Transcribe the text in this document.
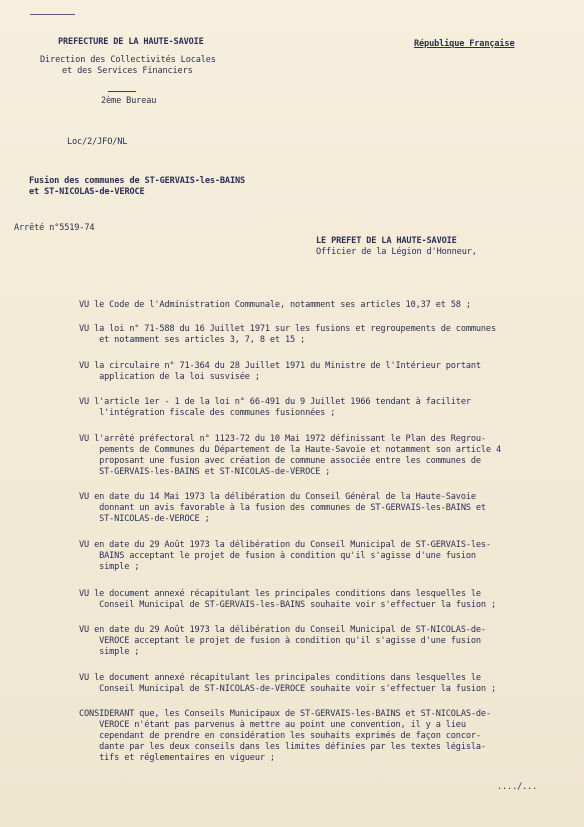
PREFECTURE DE LA HAUTE-SAVOIE	République Française
Direction des Collectivités Locales
et des Services Financiers
2ème Bureau
Loc/2/JFO/NL
Fusion des communes de ST-GERVAIS-les-BAINS
et ST-NICOLAS-de-VEROCE
Arrêté n°5519-74
LE PREFET DE LA HAUTE-SAVOIE
Officier de la Légion d'Honneur,
VU le Code de l'Administration Communale, notamment ses articles 10,37 et 58 ;
VU la loi n° 71-588 du 16 Juillet 1971 sur les fusions et regroupements de communes
et notamment ses articles 3, 7, 8 et 15 ;
VU la circulaire n° 71-364 du 28 Juillet 1971 du Ministre de l'Intérieur portant
application de la loi susvisée ;
VU l'article 1er - 1 de la loi n° 66-491 du 9 Juillet 1966 tendant à faciliter
l'intégration fiscale des communes fusionnées ;
VU l'arrêté préfectoral n° 1123-72 du 10 Mai 1972 définissant le Plan des Regrou-
pements de Communes du Département de la Haute-Savoie et notamment son article 4
proposant une fusion avec création de commune associée entre les communes de
ST-GERVAIS-les-BAINS et ST-NICOLAS-de-VEROCE ;
VU en date du 14 Mai 1973 la délibération du Conseil Général de la Haute-Savoie
donnant un avis favorable à la fusion des communes de ST-GERVAIS-les-BAINS et
ST-NICOLAS-de-VEROCE ;
VU en date du 29 Août 1973 la délibération du Conseil Municipal de ST-GERVAIS-les-
BAINS acceptant le projet de fusion à condition qu'il s'agisse d'une fusion
simple ;
VU le document annexé récapitulant les principales conditions dans lesquelles le
Conseil Municipal de ST-GERVAIS-les-BAINS souhaite voir s'effectuer la fusion ;
VU en date du 29 Août 1973 la délibération du Conseil Municipal de ST-NICOLAS-de-
VEROCE acceptant le projet de fusion à condition qu'il s'agisse d'une fusion
simple ;
VU le document annexé récapitulant les principales conditions dans lesquelles le
Conseil Municipal de ST-NICOLAS-de-VEROCE souhaite voir s'effectuer la fusion ;
CONSIDERANT que, les Conseils Municipaux de ST-GERVAIS-les-BAINS et ST-NICOLAS-de-
VEROCE n'étant pas parvenus à mettre au point une convention, il y a lieu
cependant de prendre en considération les souhaits exprimés de façon concor-
dante par les deux conseils dans les limites définies par les textes législa-
tifs et réglementaires en vigueur ;
..../...
